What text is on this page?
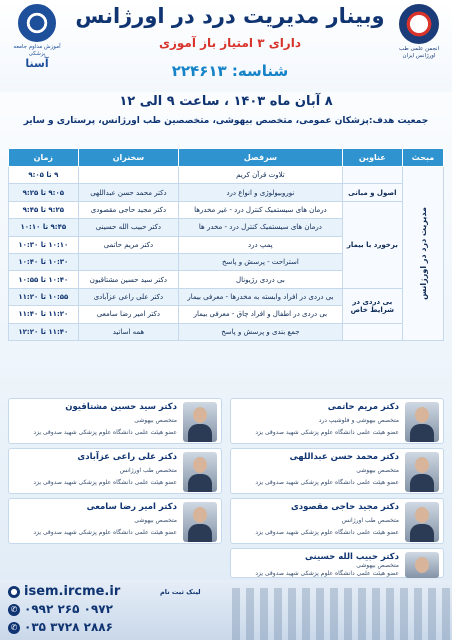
انجمن علمی طب اورژانس ایران
آموزش مداوم جامعه پزشکی
آسنا
وبینار مدیریت درد در اورژانس
دارای ۳ امتیاز باز آموزی
شناسه: ۲۲۴۶۱۳
۸ آبان ماه ۱۴۰۳ ، ساعت ۹ الی ۱۲
جمعیت هدف:پزشکان عمومی، متخصص بیهوشی، متخصصین طب اورژانس، پرستاری و سایر
مبحث	عناوین	سرفصل	سخنران	زمان
مدیریت درد در اورژانس		تلاوت قرآن کریم		۹ تا ۹:۰۵
	اصول و مبانی	نوروبیولوژی و انواع درد	دکتر محمد حسن عبداللهی	۹:۰۵ تا ۹:۲۵
	برخورد با بیمار	درمان های سیستمیک کنترل درد - غیر مخدرها	دکتر مجید حاجی مقصودی	۹:۲۵ تا ۹:۴۵
		درمان های سیستمیک کنترل درد - مخدر ها	دکتر حبیب الله حسینی	۹:۴۵ تا ۱۰:۱۰
		پمپ درد	دکتر مریم حاتمی	۱۰:۱۰ تا ۱۰:۳۰
		استراحت - پرسش و پاسخ		۱۰:۳۰ تا ۱۰:۴۰
		بی دردی رژیونال	دکتر سید حسین مشتاقیون	۱۰:۴۰ تا ۱۰:۵۵
	بی دردی در شرایط خاص	بی دردی در افراد وابسته به مخدرها - معرفی بیمار	دکتر علی راعی عزآبادی	۱۰:۵۵ تا ۱۱:۲۰
		بی دردی در اطفال و افراد چاق - معرفی بیمار	دکتر امیر رضا سامعی	۱۱:۲۰ تا ۱۱:۴۰
		جمع بندی و پرسش و پاسخ	همه اساتید	۱۱:۴۰ تا ۱۲:۲۰
دکتر مریم حاتمی
متخصص بیهوشی و فلوشیپ درد
عضو هیئت علمی دانشگاه علوم پزشکی شهید صدوقی یزد
دکتر سید حسین مشتاقیون
متخصص بیهوشی
عضو هیئت علمی دانشگاه علوم پزشکی شهید صدوقی یزد
دکتر محمد حسن عبداللهی
متخصص بیهوشی
عضو هیئت علمی دانشگاه علوم پزشکی شهید صدوقی یزد
دکتر علی راعی عزآبادی
متخصص طب اورژانس
عضو هیئت علمی دانشگاه علوم پزشکی شهید صدوقی یزد
دکتر مجید حاجی مقصودی
متخصص طب اورژانس
عضو هیئت علمی دانشگاه علوم پزشکی شهید صدوقی یزد
دکتر امیر رضا سامعی
متخصص بیهوشی
عضو هیئت علمی دانشگاه علوم پزشکی شهید صدوقی یزد
دکتر حبیب الله حسینی
متخصص بیهوشی
عضو هیئت علمی دانشگاه علوم پزشکی شهید صدوقی یزد
● isem.ircme.ir	لینک ثبت نام
✆ ۰۹۹۲ ۲۶۵ ۰۹۷۲
✆ ۰۳۵ ۳۷۲۸ ۲۸۸۶
